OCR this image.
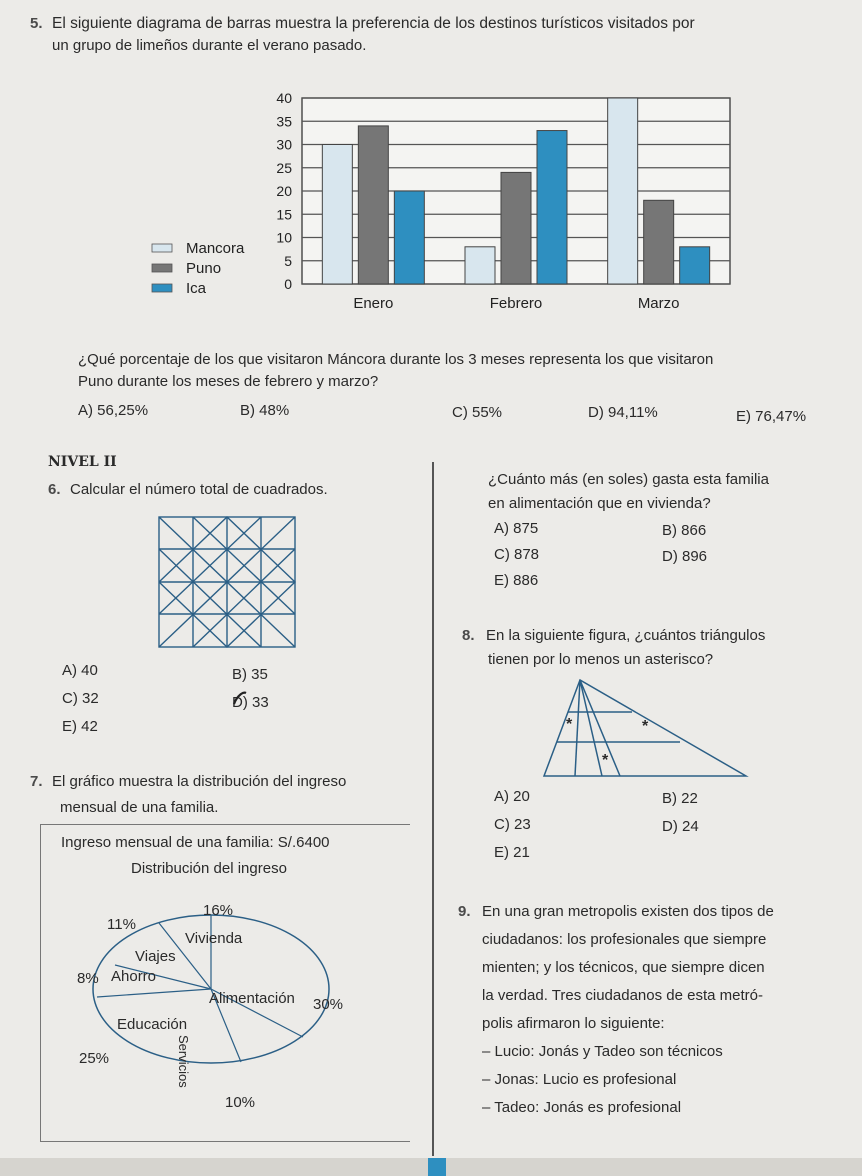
5. El siguiente diagrama de barras muestra la preferencia de los destinos turísticos visitados por
un grupo de limeños durante el verano pasado.
0
5
10
15
20
25
30
35
40
Enero	Febrero	Marzo
Mancora
Puno
Ica
¿Qué porcentaje de los que visitaron Máncora durante los 3 meses representa los que visitaron
Puno durante los meses de febrero y marzo?
A) 56,25%	B) 48%	C) 55%	D) 94,11%	E) 76,47%
NIVEL II
6. Calcular el número total de cuadrados.
A) 40	B) 35
C) 32	D) 33
E) 42
7. El gráfico muestra la distribución del ingreso
mensual de una familia.
Ingreso mensual de una familia: S/.6400
Distribución del ingreso
Vivienda
Viajes
Ahorro
Alimentación
Educación
Servicios
16%
11%
8%
30%
25%
10%
¿Cuánto más (en soles) gasta esta familia
en alimentación que en vivienda?
A) 875	B) 866
C) 878	D) 896
E) 886
8. En la siguiente figura, ¿cuántos triángulos
tienen por lo menos un asterisco?
*	*
*
A) 20	B) 22
C) 23	D) 24
E) 21
9. En una gran metropolis existen dos tipos de
ciudadanos: los profesionales que siempre
mienten; y los técnicos, que siempre dicen
la verdad. Tres ciudadanos de esta metró-
polis afirmaron lo siguiente:
– Lucio: Jonás y Tadeo son técnicos
– Jonas: Lucio es profesional
– Tadeo: Jonás es profesional
